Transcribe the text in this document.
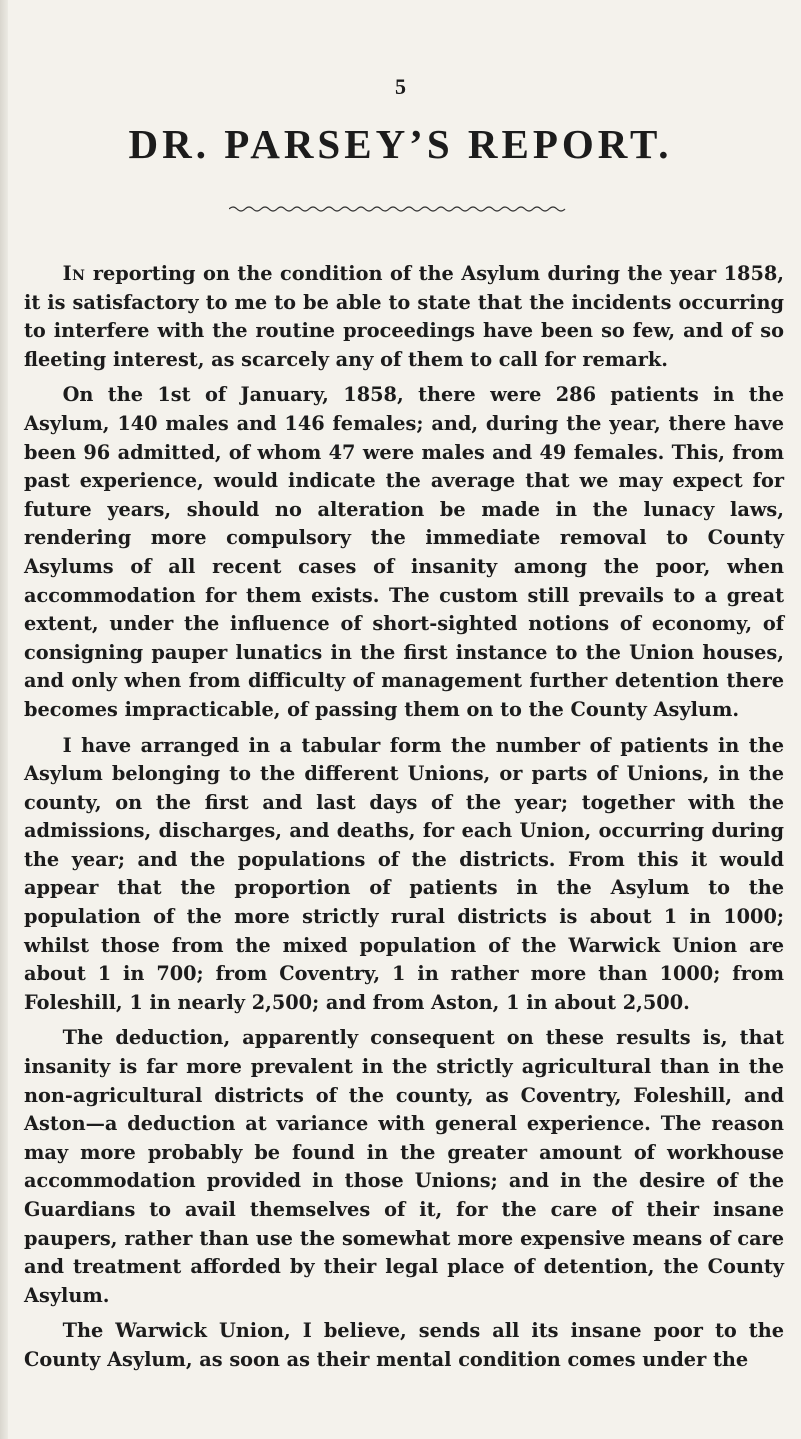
5
DR. PARSEY’S REPORT.

In reporting on the condition of the Asylum during the year 1858, it is satisfactory to me to be able to state that the incidents occurring to interfere with the routine proceedings have been so few, and of so fleeting interest, as scarcely any of them to call for remark.

On the 1st of January, 1858, there were 286 patients in the Asylum, 140 males and 146 females; and, during the year, there have been 96 admitted, of whom 47 were males and 49 females. This, from past experience, would indicate the average that we may expect for future years, should no alteration be made in the lunacy laws, rendering more compulsory the immediate removal to County Asylums of all recent cases of insanity among the poor, when accommodation for them exists. The custom still prevails to a great extent, under the influence of short-sighted notions of economy, of consigning pauper lunatics in the first instance to the Union houses, and only when from difficulty of management further detention there becomes impracticable, of passing them on to the County Asylum.

I have arranged in a tabular form the number of patients in the Asylum belonging to the different Unions, or parts of Unions, in the county, on the first and last days of the year; together with the admissions, discharges, and deaths, for each Union, occurring during the year; and the populations of the districts. From this it would appear that the proportion of patients in the Asylum to the population of the more strictly rural districts is about 1 in 1000; whilst those from the mixed population of the Warwick Union are about 1 in 700; from Coventry, 1 in rather more than 1000; from Foleshill, 1 in nearly 2,500; and from Aston, 1 in about 2,500.

The deduction, apparently consequent on these results is, that insanity is far more prevalent in the strictly agricultural than in the non-agricultural districts of the county, as Coventry, Foleshill, and Aston—a deduction at variance with general experience. The reason may more probably be found in the greater amount of workhouse accommodation provided in those Unions; and in the desire of the Guardians to avail themselves of it, for the care of their insane paupers, rather than use the somewhat more expensive means of care and treatment afforded by their legal place of detention, the County Asylum.

The Warwick Union, I believe, sends all its insane poor to the County Asylum, as soon as their mental condition comes under the
